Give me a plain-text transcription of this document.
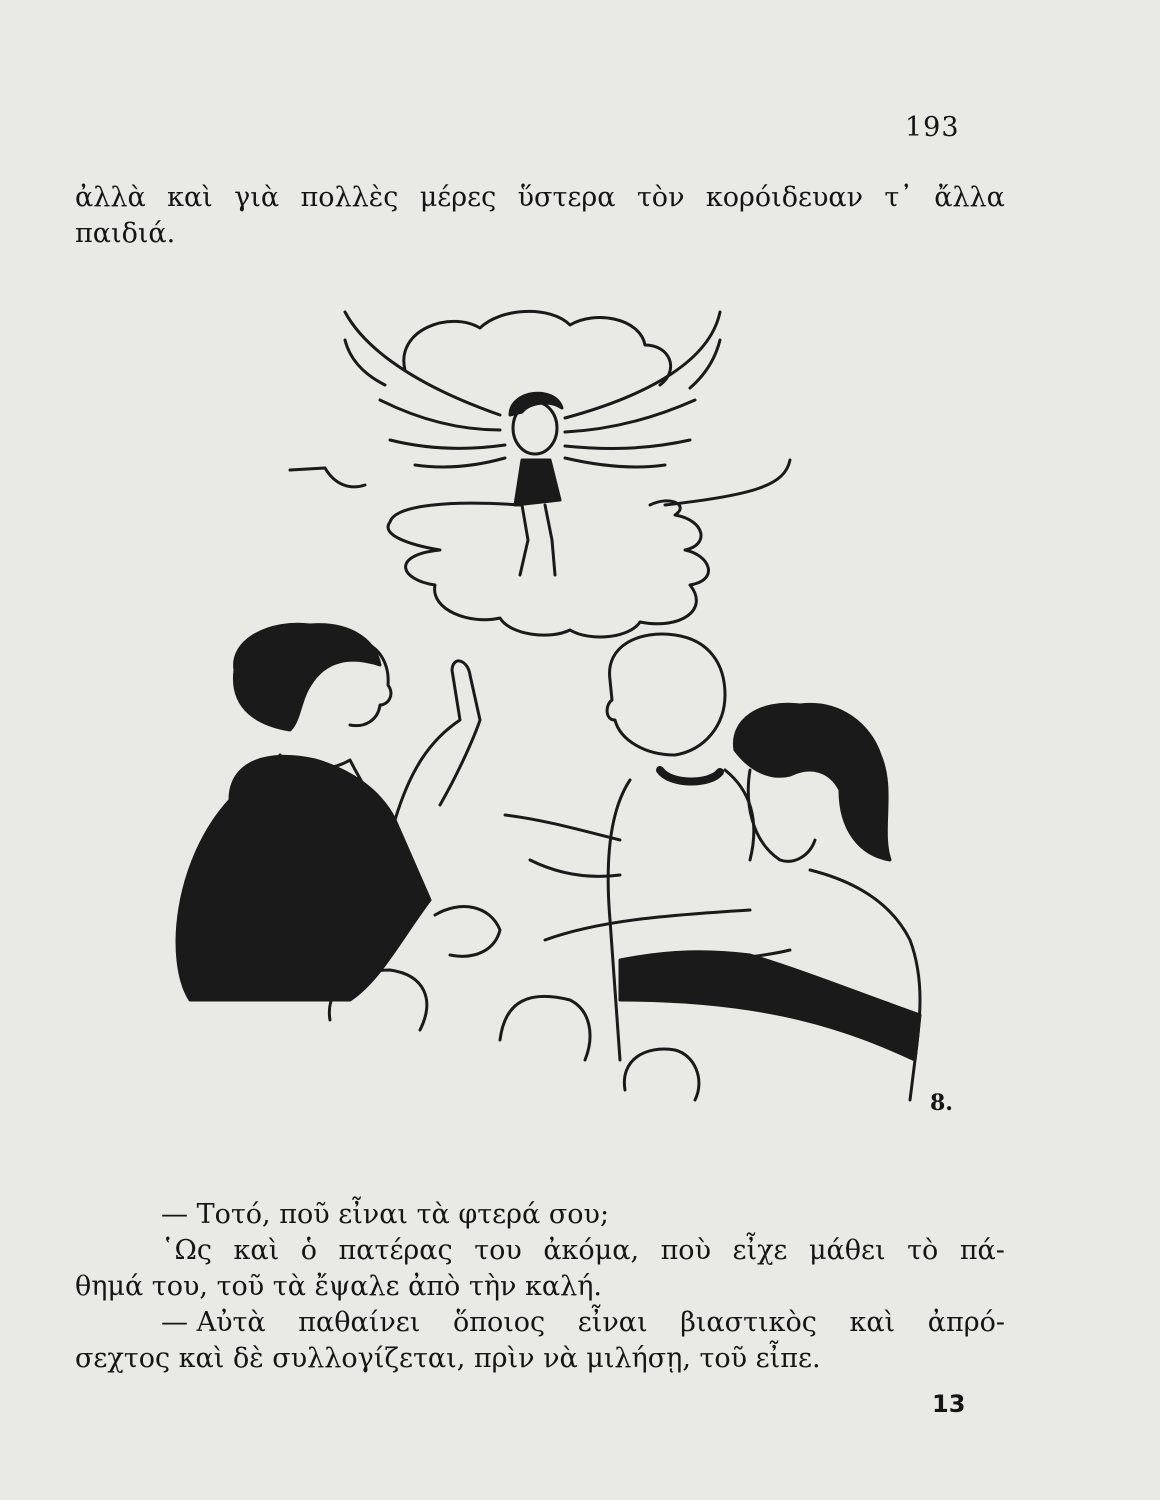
193
ἀλλὰ καὶ γιὰ πολλὲς μέρες ὕστερα τὸν κορόιδευαν τ᾽ ἄλλα
παιδιά.
8.
— Τοτό, ποῦ εἶναι τὰ φτερά σου;
῾Ως καὶ ὁ πατέρας του ἀκόμα, ποὺ εἶχε μάθει τὸ πά-
θημά του, τοῦ τὰ ἔψαλε ἀπὸ τὴν καλή.
— Αὐτὰ παθαίνει ὅποιος εἶναι βιαστικὸς καὶ ἀπρό-
σεχτος καὶ δὲ συλλογίζεται, πρὶν νὰ μιλήσῃ, τοῦ εἶπε.
13
